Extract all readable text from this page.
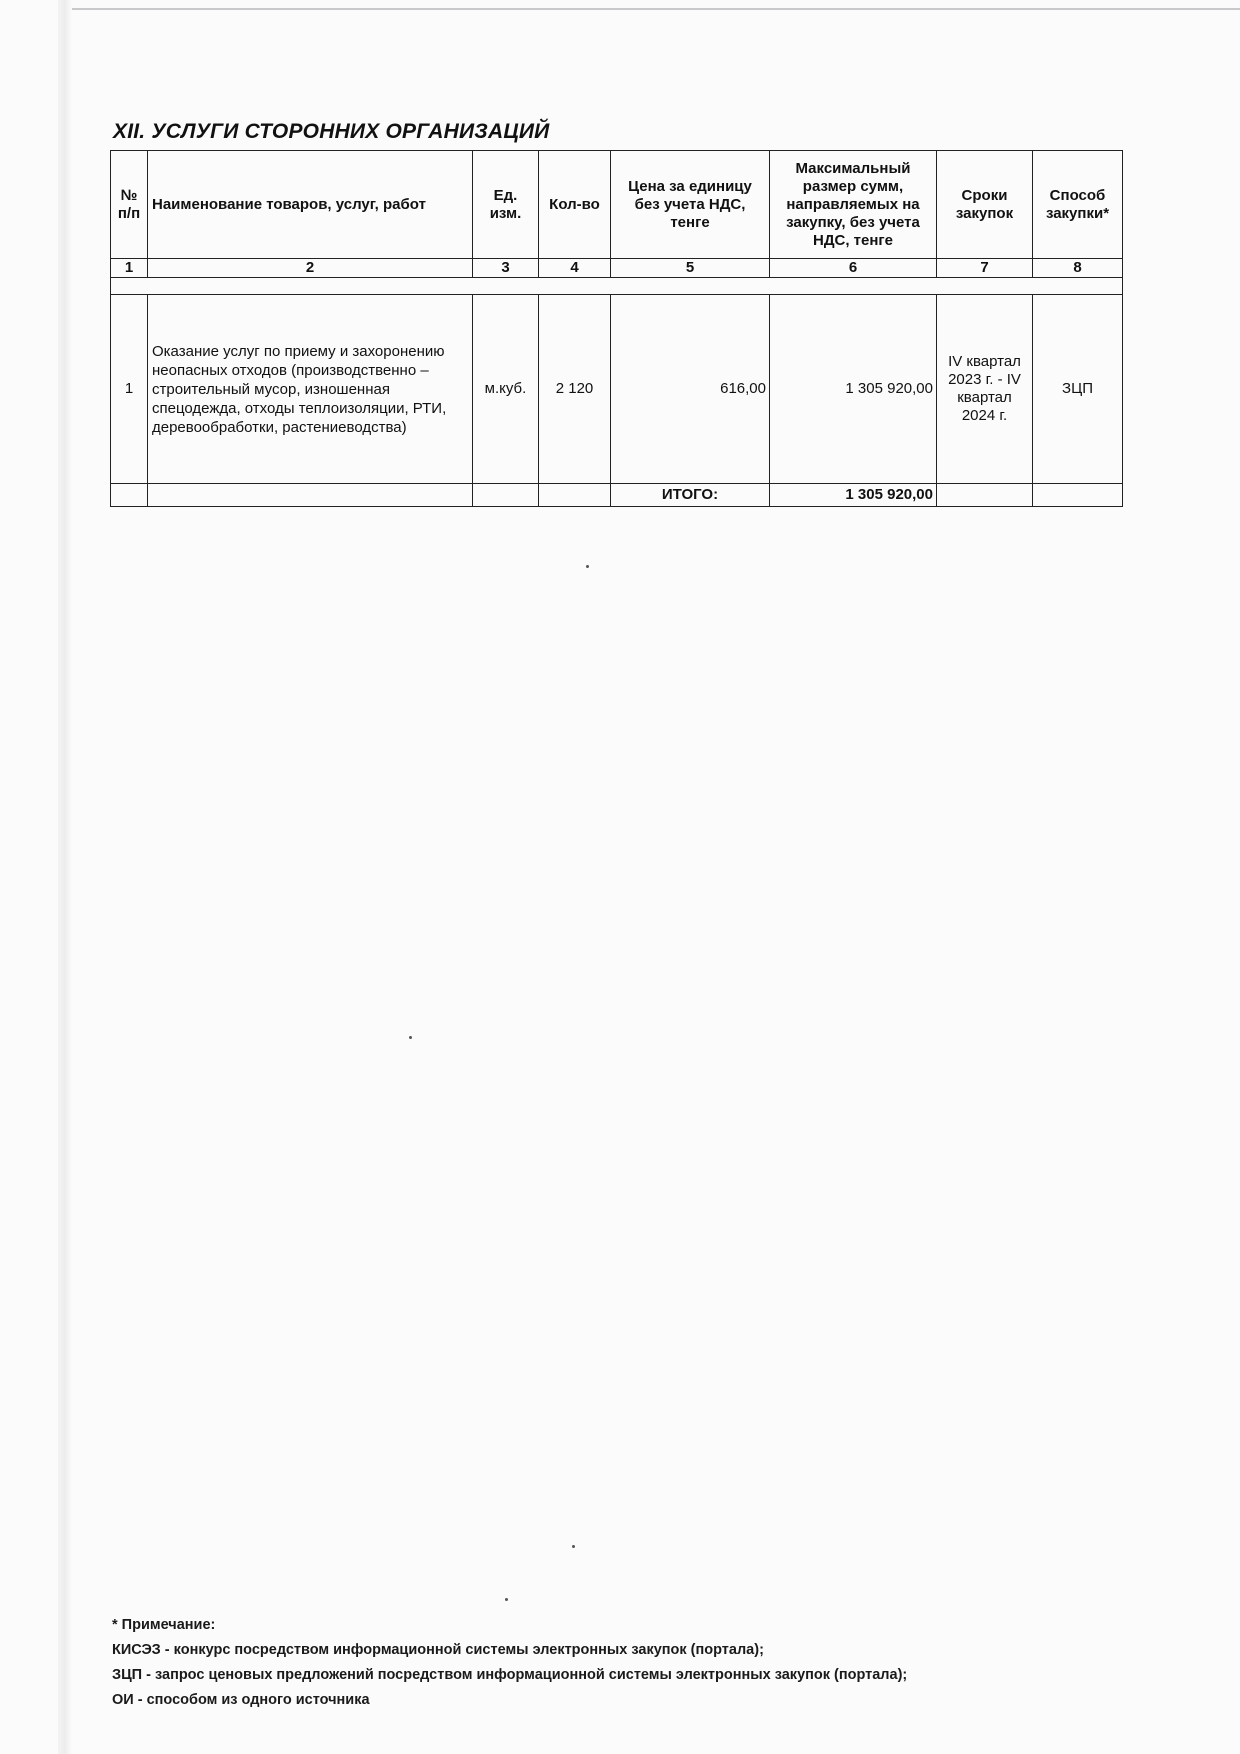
XII. УСЛУГИ СТОРОННИХ ОРГАНИЗАЦИЙ
№ п/п	Наименование товаров, услуг, работ	Ед. изм.	Кол-во	Цена за единицу без учета НДС, тенге	Максимальный размер сумм, направляемых на закупку, без учета НДС, тенге	Сроки закупок	Способ закупки*
1	2	3	4	5	6	7	8

1	Оказание услуг по приему и захоронению неопасных отходов (производственно – строительный мусор, изношенная спецодежда, отходы теплоизоляции, РТИ, деревообработки, растениеводства)	м.куб.	2 120	616,00	1 305 920,00	IV квартал 2023 г. - IV квартал 2024 г.	ЗЦП
				ИТОГО:	1 305 920,00		
* Примечание:
КИСЭЗ - конкурс посредством информационной системы электронных закупок (портала);
ЗЦП - запрос ценовых предложений посредством информационной системы электронных закупок (портала);
ОИ - способом из одного источника
